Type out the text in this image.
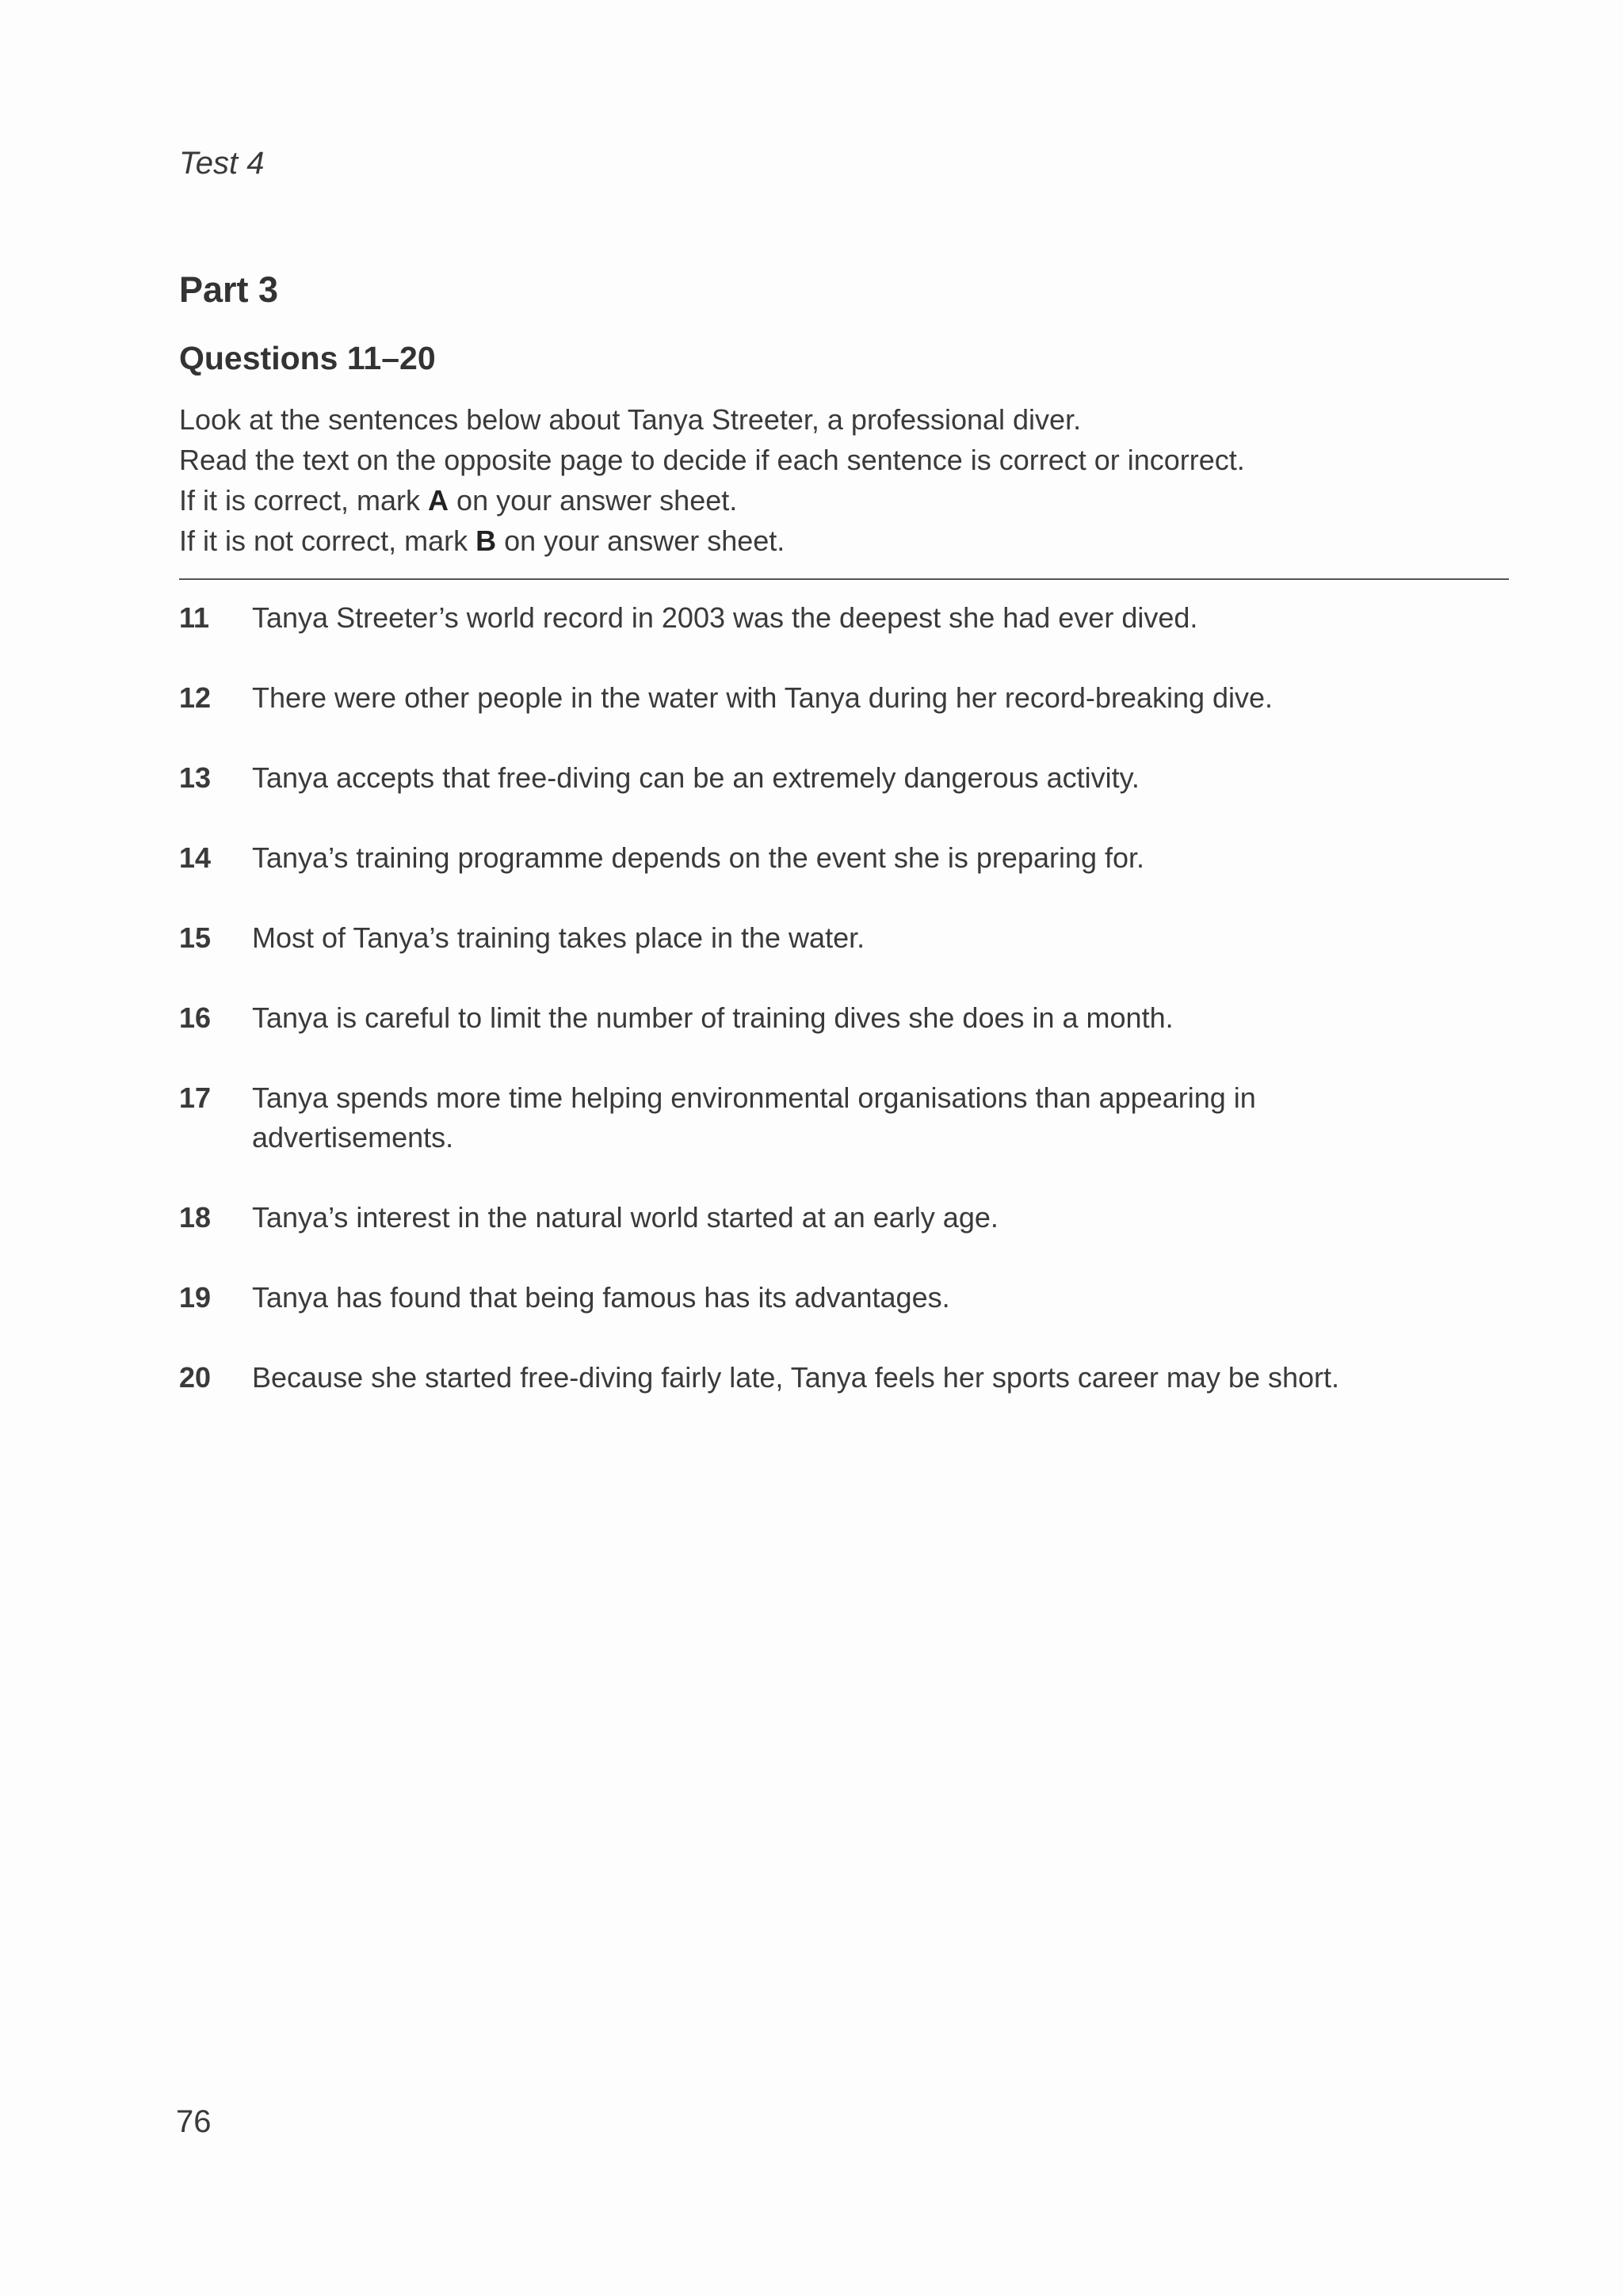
Test 4
Part 3
Questions 11–20
Look at the sentences below about Tanya Streeter, a professional diver.
Read the text on the opposite page to decide if each sentence is correct or incorrect.
If it is correct, mark A on your answer sheet.
If it is not correct, mark B on your answer sheet.
11	Tanya Streeter’s world record in 2003 was the deepest she had ever dived.
12	There were other people in the water with Tanya during her record-breaking dive.
13	Tanya accepts that free-diving can be an extremely dangerous activity.
14	Tanya’s training programme depends on the event she is preparing for.
15	Most of Tanya’s training takes place in the water.
16	Tanya is careful to limit the number of training dives she does in a month.
17	Tanya spends more time helping environmental organisations than appearing in advertisements.
18	Tanya’s interest in the natural world started at an early age.
19	Tanya has found that being famous has its advantages.
20	Because she started free-diving fairly late, Tanya feels her sports career may be short.
76
